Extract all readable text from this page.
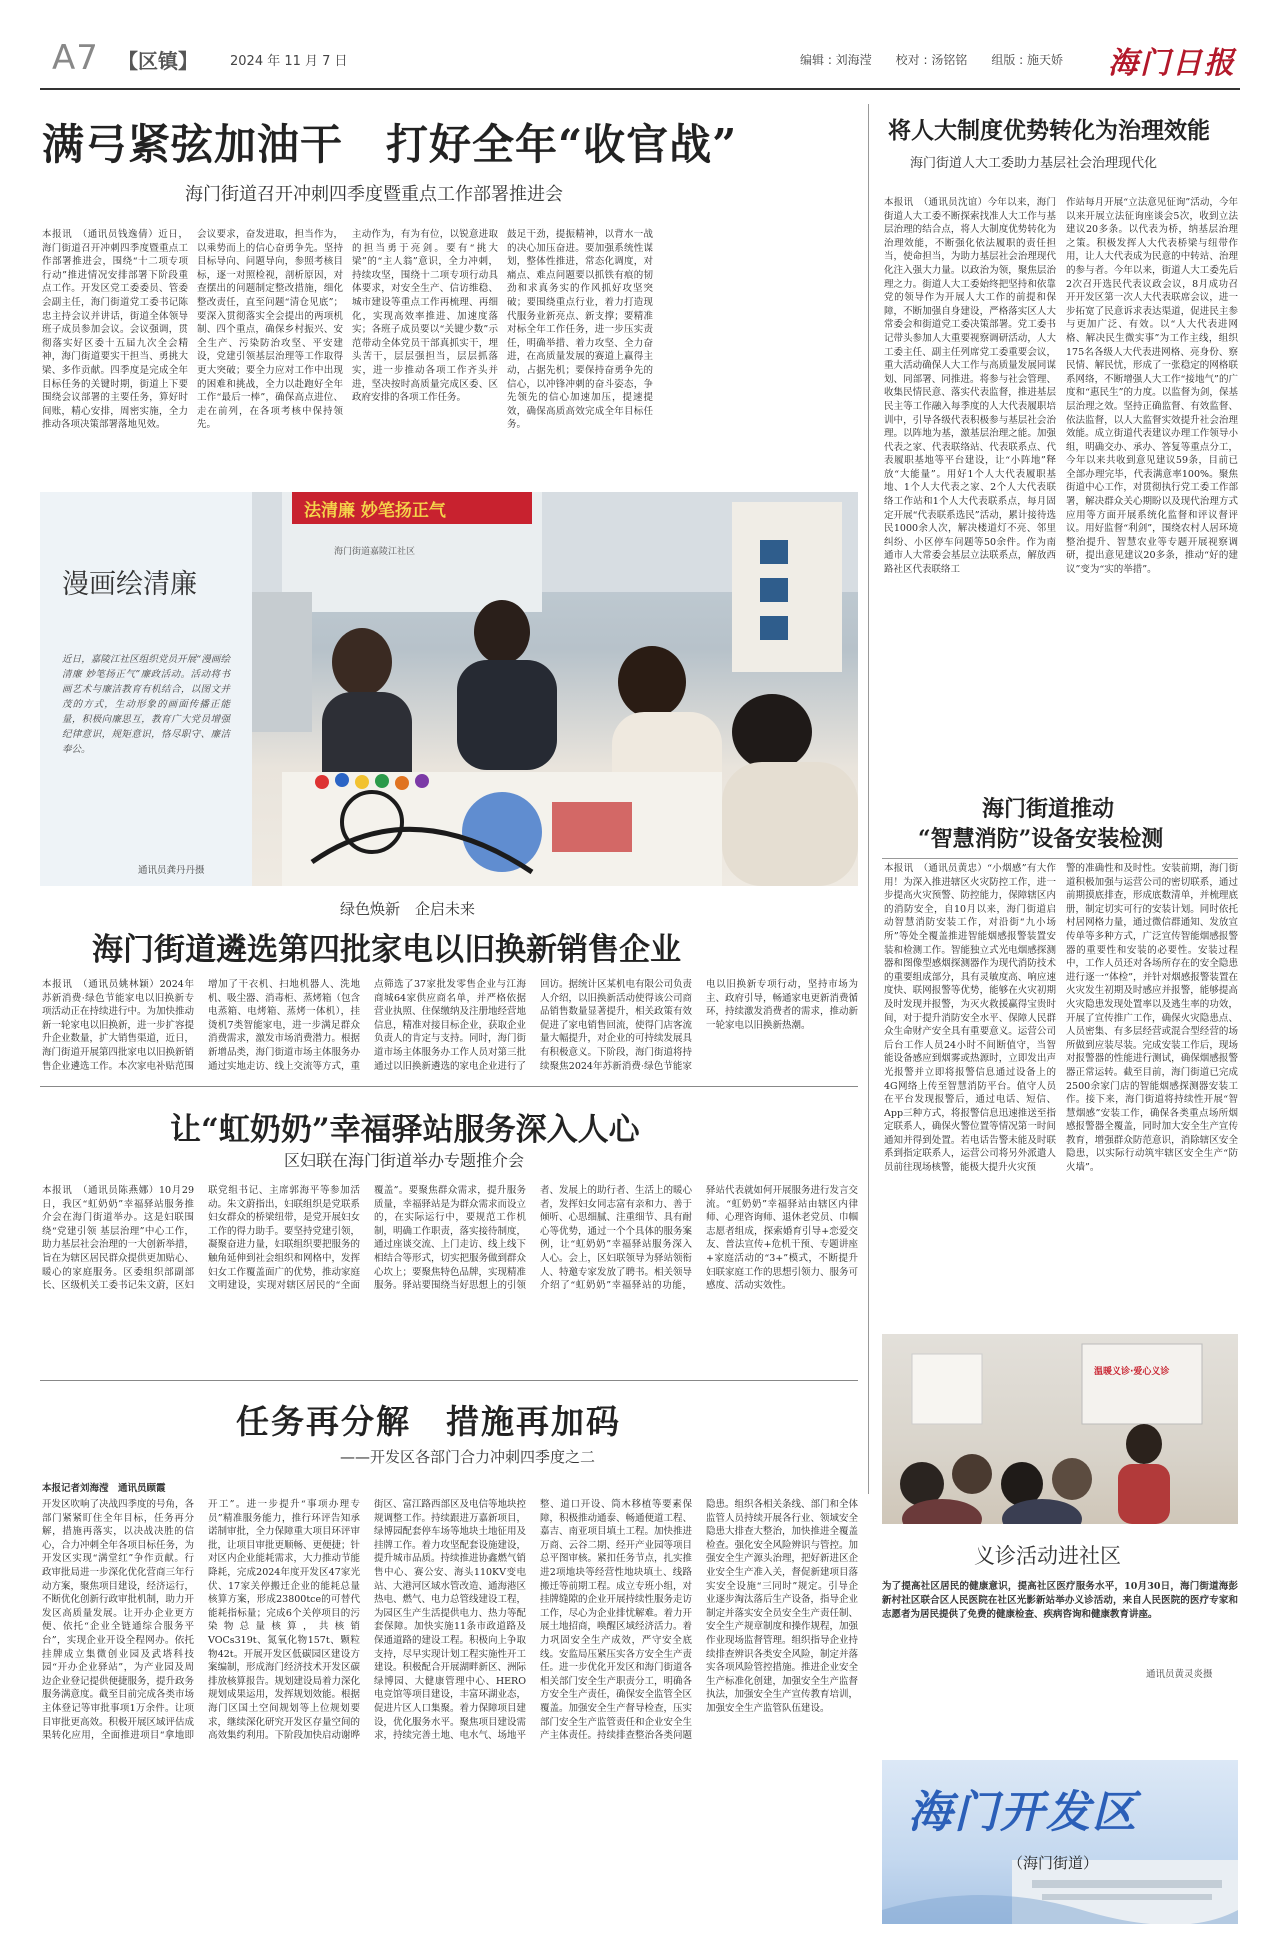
A7 【区镇】 2024 年 11 月 7 日	编辑 : 刘海滢　　校对 : 汤铭铭　　组版 : 施天娇 海门日报
满弓紧弦加油干　打好全年“收官战”
海门街道召开冲刺四季度暨重点工作部署推进会
本报讯　（通讯员钱逸倩）近日，海门街道召开冲刺四季度暨重点工作部署推进会，围绕“十二项专项行动”推进情况安排部署下阶段重点工作。开发区党工委委员、管委会副主任，海门街道党工委书记陈忠主持会议并讲话，街道全体领导班子成员参加会议。会议强调，贯彻落实好区委十五届九次全会精神，海门街道要实干担当、勇挑大梁、多作贡献。四季度是完成全年目标任务的关键时期，街道上下要围绕会议部署的主要任务，算好时间账，精心安排，周密实施，全力推动各项决策部署落地见效。
会议要求，奋发进取，担当作为，以乘势而上的信心奋勇争先。坚持目标导向、问题导向，参照考核目标，逐一对照检视，剖析原因，对查摆出的问题制定整改措施，细化整改责任，直至问题“清仓见底”；要深入贯彻落实全会提出的两项机制、四个重点，确保乡村振兴、安全生产、污染防治攻坚、平安建设，党建引领基层治理等工作取得更大突破；要全力应对工作中出现的困难和挑战，全力以赴跑好全年工作“最后一棒”，确保高点进位、走在前列，在各项考核中保持领先。
主动作为，有为有位，以锐意进取的担当勇于亮剑。要有“挑大梁”的“主人翁”意识，全力冲刺，持续攻坚，围绕十二项专项行动具体要求，对安全生产、信访维稳、城市建设等重点工作再梳理、再细化，实现高效率推进、加速度落实；各班子成员要以“关键少数”示范带动全体党员干部真抓实干，埋头苦干，层层强担当，层层抓落实，进一步推动各项工作齐头并进，坚决按时高质量完成区委、区政府安排的各项工作任务。
鼓足干劲，提振精神，以背水一战的决心加压奋进。要加强系统性谋划，整体性推进，常态化调度，对痛点、难点问题要以抓铁有痕的韧劲和求真务实的作风抓好攻坚突破；要围绕重点行业，着力打造现代服务业新亮点、新支撑；要精准对标全年工作任务，进一步压实责任，明确举措、着力攻坚、全力奋进，在高质量发展的赛道上赢得主动，占据先机；要保持奋勇争先的信心，以冲锋冲刺的奋斗姿态，争先领先的信心加速加压，提速提效，确保高质高效完成全年目标任务。
将人大制度优势转化为治理效能
海门街道人大工委助力基层社会治理现代化
本报讯　（通讯员沈谊）今年以来，海门街道人大工委不断探索找准人大工作与基层治理的结合点，将人大制度优势转化为治理效能，不断强化依法履职的责任担当，使命担当，为助力基层社会治理现代化注入强大力量。以政治为领，聚焦层治理之力。街道人大工委始终把坚持和依靠党的领导作为开展人大工作的前提和保障，不断加强自身建设，严格落实区人大常委会和街道党工委决策部署。党工委书记带头参加人大重要视察调研活动，人大工委主任、副主任列席党工委重要会议，重大活动确保人大工作与高质量发展同谋划、同部署、同推进。将参与社会管理、收集民情民意、落实代表监督，推进基层民主等工作融入每季度的人大代表履职培训中，引导各级代表积极参与基层社会治理。以阵地为基，激基层治理之能。加强代表之家、代表联络站、代表联系点、代表履职基地等平台建设，让“小阵地”释放“大能量”。用好1个人大代表履职基地、1个人大代表之家、2个人大代表联络工作站和1个人大代表联系点，每月固定开展“代表联系选民”活动，累计接待选民1000余人次，解决楼道灯不亮、邻里纠纷、小区停车问题等50余件。作为南通市人大常委会基层立法联系点，解放西路社区代表联络工
作站每月开展“立法意见征询”活动，今年以来开展立法征询座谈会5次，收到立法建议20多条。以代表为桥，纳基层治理之策。积极发挥人大代表桥梁与纽带作用，让人大代表成为民意的中转站、治理的参与者。今年以来，街道人大工委先后2次召开选民代表议政会议，8月成功召开开发区第一次人大代表联席会议，进一步拓宽了民意诉求表达渠道，促进民主参与更加广泛、有效。以“人大代表进网格、解决民生微实事”为工作主线，组织175名各级人大代表进网格、亮身份、察民情、解民忧，形成了一张稳定的网格联系网络，不断增强人大工作“接地气”的广度和“惠民生”的力度。以监督为剑，保基层治理之效。坚持正确监督、有效监督、依法监督，以人大监督实效提升社会治理效能。成立街道代表建议办理工作领导小组，明确交办、承办、答复等重点分工，今年以来共收到意见建议59条，目前已全部办理完毕，代表满意率100%。聚焦街道中心工作，对贯彻执行党工委工作部署，解决群众关心期盼以及现代治理方式应用等方面开展系统化监督和评议督评议。用好监督“利剑”，围绕农村人居环境整治提升、智慧农业等专题开展视察调研，提出意见建议20多条，推动“好的建议”变为“实的举措”。
漫画绘清廉
近日，嘉陵江社区组织党员开展“漫画绘清廉 妙笔扬正气”廉政活动。活动将书画艺术与廉洁教育有机结合，以图文并茂的方式，生动形象的画面传播正能量，积极向廉思互，教育广大党员增强纪律意识，规矩意识，恪尽职守、廉洁奉公。
通讯员龚丹丹摄
法清廉 妙笔扬正气
海门街道嘉陵江社区
绿色焕新　企启未来
海门街道遴选第四批家电以旧换新销售企业
本报讯　（通讯员姚林颖）2024年苏新消费·绿色节能家电以旧换新专项活动正在持续进行中。为加快推动新一轮家电以旧换新，进一步扩容提升企业数量，扩大销售渠道，近日，海门街道开展第四批家电以旧换新销售企业遴选工作。本次家电补贴范围增加了干衣机、扫地机器人、洗地机、吸尘器、消毒柜、蒸烤箱（包含电蒸箱、电烤箱、蒸烤一体机），挂烫机7类智能家电，进一步满足群众消费需求，激发市场消费潜力。根据新增品类，海门街道市场主体服务办通过实地走访、线上交流等方式，重点筛选了37家批发零售企业与江海商城64家供应商名单，并严格依据营业执照、住保缴纳及注册地经营地信息，精准对接目标企业，获取企业负责人的肯定与支持。同时，海门街道市场主体服务办工作人员对第三批通过以旧换新遴选的家电企业进行了回访。据统计区某机电有限公司负责人介绍，以旧换新活动使得该公司商品销售数量显著提升，相关政策有效促进了家电销售回流，使得门店客流量大幅提升，对企业的可持续发展具有积极意义。下阶段，海门街道将持续聚焦2024年苏新消费·绿色节能家电以旧换新专项行动，坚持市场为主、政府引导，畅通家电更新消费循环，持续激发消费者的需求，推动新一轮家电以旧换新热潮。
海门街道推动
“智慧消防”设备安装检测
本报讯　（通讯员黄忠）“小烟感”有大作用！为深入推进辖区火灾防控工作，进一步提高火灾预警、防控能力，保障辖区内的消防安全，自10月以来，海门街道启动智慧消防安装工作，对沿街“九小场所”等处全覆盖推进智能烟感报警装置安装和检测工作。智能独立式光电烟感探测器和图像型感烟探测器作为现代消防技术的重要组成部分，具有灵敏度高、响应速度快、联网报警等优势，能够在火灾初期及时发现并报警，为灭火救援赢得宝贵时间，对于提升消防安全水平、保障人民群众生命财产安全具有重要意义。运营公司后台工作人员24小时不间断值守，当智能设备感应到烟雾或热源时，立即发出声光报警并立即将报警信息通过设备上的4G网络上传至智慧消防平台。值守人员在平台发现报警后，通过电话、短信、App三种方式，将报警信息迅速推送至指定联系人，确保火警位置等情况第一时间通知并得到处置。若电话告警未能及时联系到指定联系人，运营公司将另外派遣人员前往现场核警，能极大提升火灾预
警的准确性和及时性。安装前期，海门街道积极加强与运营公司的密切联系，通过前期摸底排查，形成底数清单，并梳理底册，制定切实可行的安装计划。同时依托村居网格力量，通过微信群通知、发放宣传单等多种方式，广泛宣传智能烟感报警器的重要性和安装的必要性。安装过程中，工作人员还对各场所存在的安全隐患进行逐一“体检”，并针对烟感报警装置在火灾发生初期及时感应并报警，能够提高火灾隐患发现处置率以及逃生率的功效，开展了宣传推广工作，确保火灾隐患点、人员密集、有多层经营或混合型经营的场所做到应装尽装。完成安装工作后，现场对报警器的性能进行测试，确保烟感报警器正常运转。截至目前，海门街道已完成2500余家门店的智能烟感探测器安装工作。接下来，海门街道将持续性开展“智慧烟感”安装工作，确保各类重点场所烟感报警器全覆盖，同时加大安全生产宣传教育，增强群众防范意识，消除辖区安全隐患，以实际行动筑牢辖区安全生产“防火墙”。
让“虹奶奶”幸福驿站服务深入人心
区妇联在海门街道举办专题推介会
本报讯　（通讯员陈燕娜）10月29日，我区“虹奶奶”幸福驿站服务推介会在海门街道举办。这是妇联围绕“党建引领 基层治理”中心工作，助力基层社会治理的一大创新举措，旨在为辖区居民群众提供更加贴心、暖心的家庭服务。区委组织部副部长、区级机关工委书记朱文蔚，区妇联党组书记、主席郭海平等参加活动。朱文蔚指出，妇联组织是党联系妇女群众的桥梁纽带，是党开展妇女工作的得力助手。要坚持党建引领，凝聚奋进力量，妇联组织要把服务的触角延伸到社会组织和网格中，发挥妇女工作覆盖面广的优势，推动家庭文明建设，实现对辖区居民的“全面覆盖”。要聚焦群众需求，提升服务质量，幸福驿站是为群众需求而设立的，在实际运行中，要规范工作机制，明确工作职责，落实接待制度，通过座谈交流、上门走访、线上线下相结合等形式，切实把服务做到群众心坎上；要聚焦特色品牌，实现精准服务。驿站要围绕当好思想上的引领者、发展上的助行者、生活上的暖心者，发挥妇女同志富有亲和力、善于倾听、心思细腻、注重细节、具有耐心等优势，通过一个个具体的服务案例，让“虹奶奶”幸福驿站服务深入人心。会上，区妇联领导为驿站领衔人、特邀专家发放了聘书。相关领导介绍了“虹奶奶”幸福驿站的功能，驿站代表就如何开展服务进行发言交流。“虹奶奶”幸福驿站由辖区内律师、心理咨询师、退休老党员、巾帼志愿者组成，探索婚育引导+恋爱交友、普法宣传+危机干预、专题讲座+家庭活动的“3+”模式，不断提升妇联家庭工作的思想引领力、服务可感度、活动实效性。
任务再分解　措施再加码
——开发区各部门合力冲刺四季度之二
本报记者刘海滢　通讯员顾霞
开发区吹响了决战四季度的号角，各部门紧紧盯住全年目标，任务再分解，措施再落实，以决战决胜的信心，合力冲刺全年各项目标任务，为开发区实现“满堂红”争作贡献。行政审批局进一步深化优化营商三年行动方案，聚焦项目建设，经济运行，不断优化创新行政审批机制，助力开发区高质量发展。让开办企业更方便、依托“企业全链通综合服务平台”，实现企业开设全程网办。依托挂牌成立集微创业园及武塔科技园“开办企业驿站”，为产业园及周边企业登记提供便捷服务，提升政务服务满意度。截至目前完成各类市场主体登记等审批事项1万余件。让项目审批更高效。积极开展区域评估成果转化应用，全面推进项目“拿地即开工”。进一步提升“事项办理专员”精准服务能力，推行环评告知承诺制审批，全力保障重大项目环评审批，让项目审批更顺畅、更便捷；针对区内企业能耗需求，大力推动节能降耗，完成2024年度开发区47家光伏、17家关停搬迁企业的能耗总量核算方案，形成23800tce的可替代能耗指标量；完成6个关停项目的污染物总量核算，共核销VOCs319t、氮氧化物157t、颗粒物42t。开展开发区低碳园区建设方案编制，形成海门经济技术开发区碳排放核算报告。规划建设局着力深化规划成果运用，发挥规划效能。根据海门区国土空间规划等上位规划要求，继续深化研究开发区存量空间的高效集约利用。下阶段加快启动谢晔街区、富江路西部区及电信等地块控规调整工作。持续跟进万嘉新项目，绿博园配套停车场等地块土地征用及挂牌工作。着力攻坚配套设施建设，提升城市品质。持续推进协鑫燃气销售中心、赛公安、海头110KV变电站、大港河区域水管改造、通海港区热电、燃气、电力总管线建设工程，为园区生产生活提供电力、热力等配套保障。加快实施11条市政道路及保通道路的建设工程。积极向上争取支持，尽早实现计划工程实施性开工建设。积极配合开展湖畔新区、洲际绿博园、大健康管理中心、HERO电竞馆等项目建设，丰富环湖业态，促进片区人口集聚。着力保障项目建设，优化服务水平。聚焦项目建设需求，持续完善土地、电水气、场地平整、道口开设、筒木移植等要素保障，积极推动通泰、畅通便道工程、嘉吉、南亚项目填土工程。加快推进万商、云谷二期、经开产业园等项目总平图审核。紧扣任务节点，扎实推进2项地块等经营性地块填土、线路搬迁等前期工程。成立专班小组，对挂牌缝隙的企业开展持续性服务走访工作，尽心为企业排忧解难。着力开展土地招商，唤醒区域经济活力。着力巩固安全生产成效，严守安全底线。安监局压紧压实各方安全生产责任。进一步优化开发区和海门街道各相关部门安全生产职责分工，明确各方安全生产责任，确保安全监管全区覆盖。加强安全生产督导检查，压实部门安全生产监管责任和企业安全生产主体责任。持续排查整治各类问题隐患。组织各相关条线、部门和全体监管人员持续开展各行业、领域安全隐患大排查大整治，加快推进全覆盖检查。强化安全风险辨识与管控。加强安全生产源头治理，把好新进区企业安全生产准入关，督促新建项目落实安全设施“三同时”规定。引导企业逐步淘汰落后生产设备，指导企业制定并落实安全员安全生产责任制、安全生产规章制度和操作规程，加强作业现场监督管理。组织指导企业持续排查辨识各类安全风险，制定并落实各项风险管控措施。推进企业安全生产标准化创建，加强安全生产监督执法，加强安全生产宣传教育培训，加强安全生产监管队伍建设。
温暖义诊·爱心义诊
义诊活动进社区
为了提高社区居民的健康意识，提高社区医疗服务水平，10月30日，海门街道海彭新村社区联合区人民医院在社区光影新站举办义诊活动，来自人民医院的医疗专家和志愿者为居民提供了免费的健康检查、疾病咨询和健康教育讲座。
通讯员黄灵炎摄
海门开发区
（海门街道）
